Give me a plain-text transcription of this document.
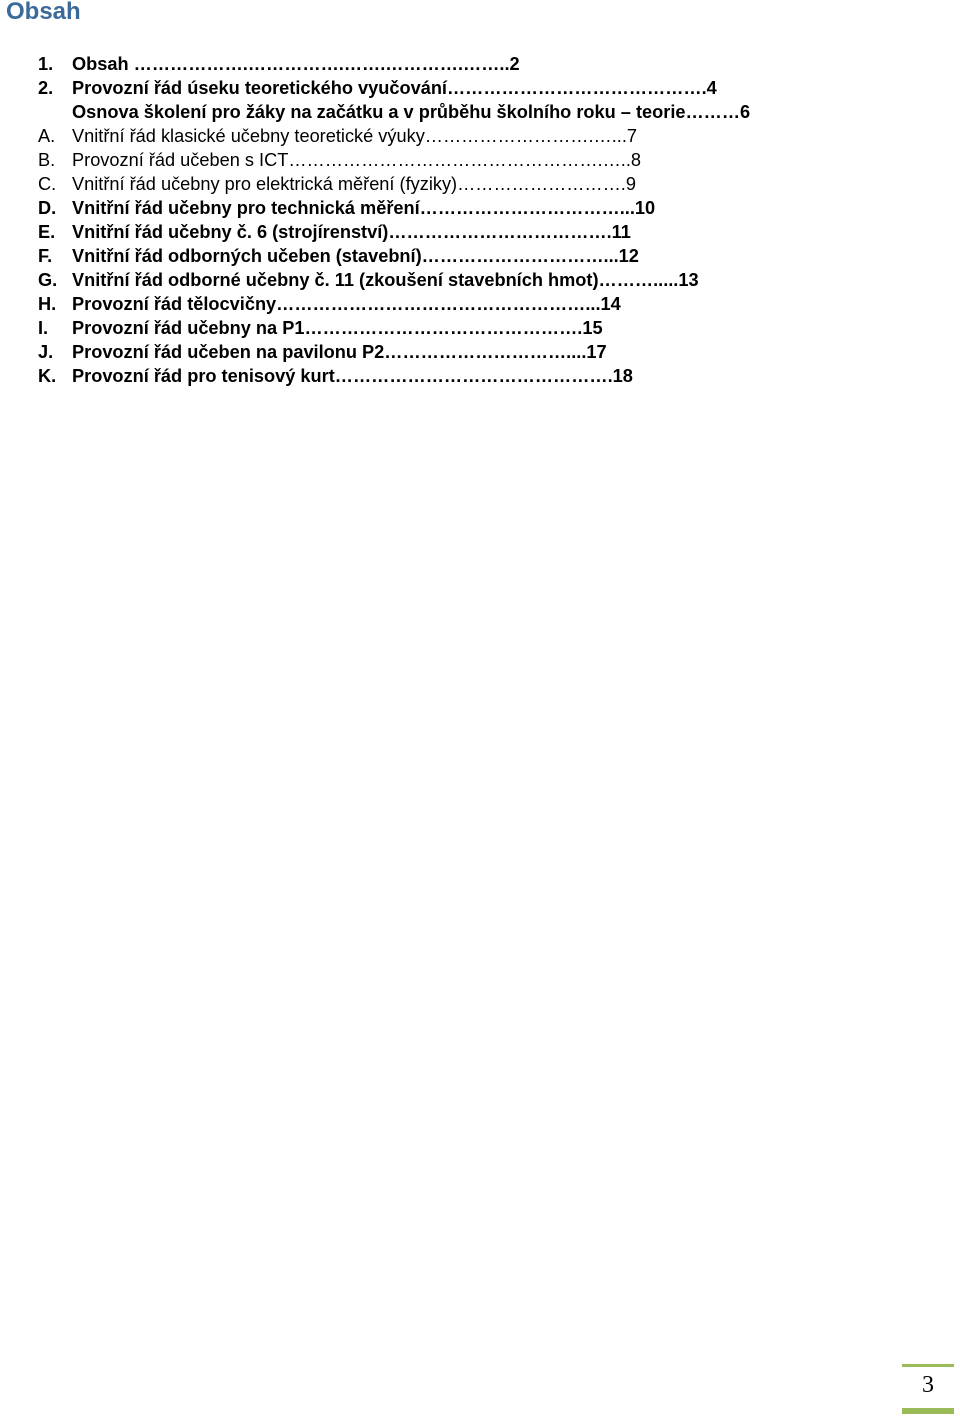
Obsah
1. Obsah ……………….…………….…….………….……..2
2. Provozní řád úseku teoretického vyučování…………………………………….4
Osnova školení pro žáky na začátku a v průběhu školního roku – teorie………6
A. Vnitřní řád klasické učebny teoretické výuky……………………….…...7
B. Provozní řád učeben s ICT…………………………………………….…..8
C. Vnitřní řád učebny pro elektrická měření (fyziky)……………………….9
D. Vnitřní řád učebny pro technická měření……………………………...10
E. Vnitřní řád učebny č. 6 (strojírenství)……………………………….11
F. Vnitřní řád odborných učeben (stavební)…………………………...12
G. Vnitřní řád odborné učebny č. 11 (zkoušení stavebních hmot)……….....13
H. Provozní řád tělocvičny……………………………………………...14
I. Provozní řád učebny na P1……………………………………….15
J. Provozní řád učeben na pavilonu P2…………………………....17
K. Provozní řád pro tenisový kurt……………………………………….18
3
